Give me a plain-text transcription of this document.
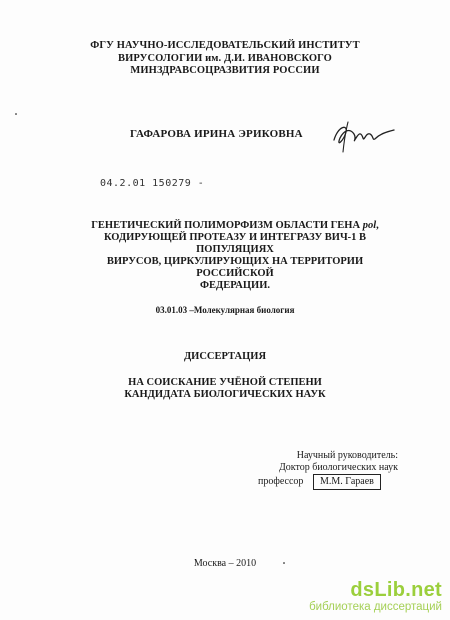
ФГУ НАУЧНО-ИССЛЕДОВАТЕЛЬСКИЙ ИНСТИТУТ
ВИРУСОЛОГИИ им. Д.И. ИВАНОВСКОГО
МИНЗДРАВСОЦРАЗВИТИЯ РОССИИ
ГАФАРОВА ИРИНА ЭРИКОВНА
04.2.01 150279 -
ГЕНЕТИЧЕСКИЙ ПОЛИМОРФИЗМ ОБЛАСТИ ГЕНА pol,
КОДИРУЮЩЕЙ ПРОТЕАЗУ И ИНТЕГРАЗУ ВИЧ-1 В ПОПУЛЯЦИЯХ
ВИРУСОВ, ЦИРКУЛИРУЮЩИХ НА ТЕРРИТОРИИ РОССИЙСКОЙ
ФЕДЕРАЦИИ.
03.01.03 –Молекулярная биология
ДИССЕРТАЦИЯ
НА СОИСКАНИЕ УЧЁНОЙ СТЕПЕНИ
КАНДИДАТА БИОЛОГИЧЕСКИХ НАУК
Научный руководитель:
Доктор биологических наук
профессор	М.М. Гараев
Москва – 2010
dsLib.net
библиотека диссертаций
